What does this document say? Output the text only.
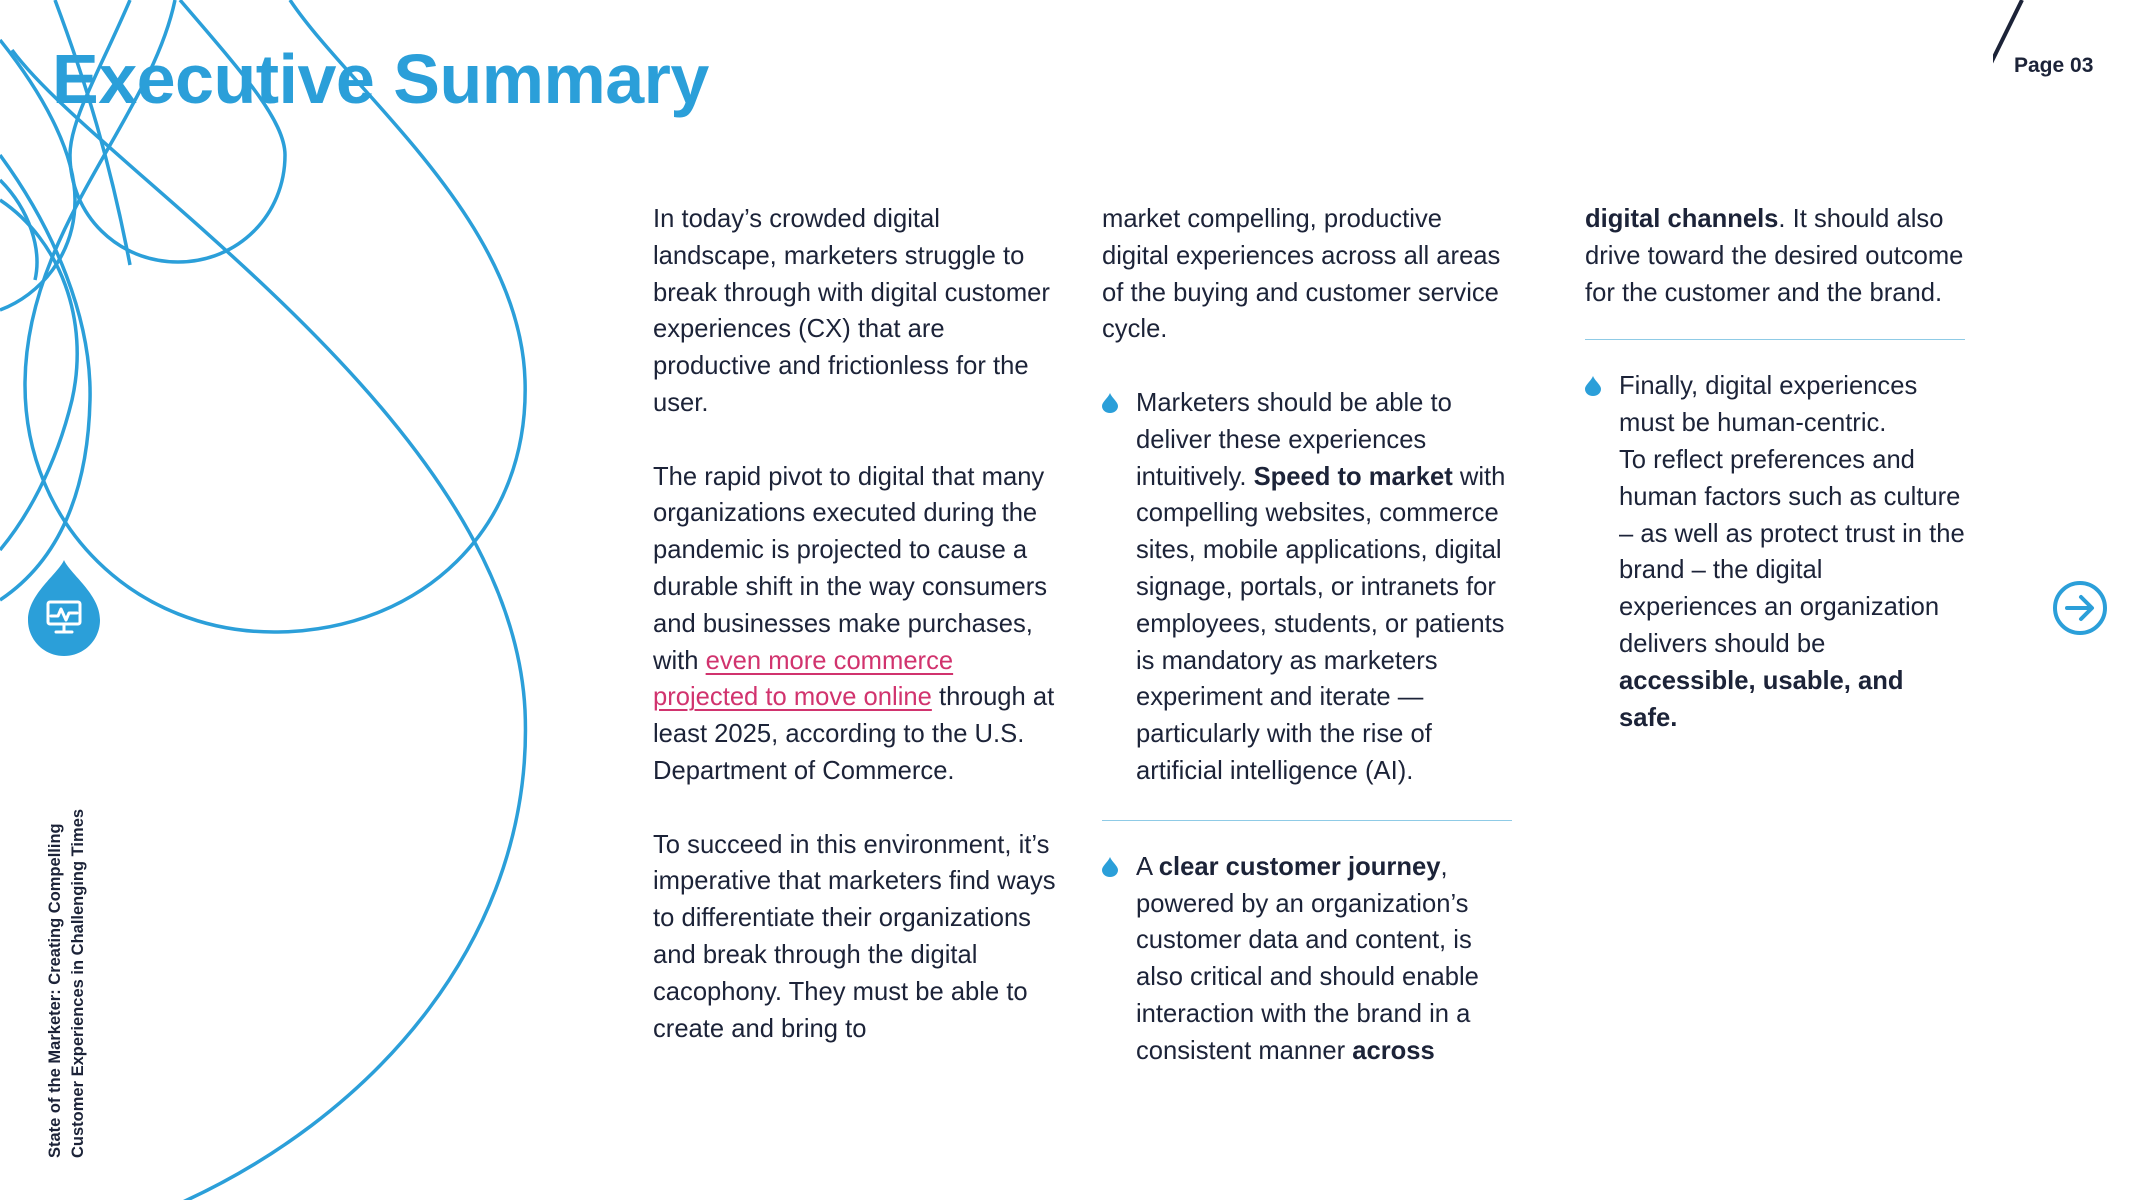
Executive Summary	Page 03

In today’s crowded digital landscape, marketers struggle to break through with digital customer experiences (CX) that are productive and frictionless for the user.

The rapid pivot to digital that many organizations executed during the pandemic is projected to cause a durable shift in the way consumers and businesses make purchases, with even more commerce projected to move online through at least 2025, according to the U.S. Department of Commerce.

To succeed in this environment, it’s imperative that marketers find ways to differentiate their organizations and break through the digital cacophony. They must be able to create and bring to

market compelling, productive digital experiences across all areas of the buying and customer service cycle.

Marketers should be able to deliver these experiences intuitively. Speed to market with compelling websites, commerce sites, mobile applications, digital signage, portals, or intranets for employees, students, or patients is mandatory as marketers experiment and iterate — particularly with the rise of artificial intelligence (AI).

A clear customer journey, powered by an organization’s customer data and content, is also critical and should enable interaction with the brand in a consistent manner across

digital channels. It should also drive toward the desired outcome for the customer and the brand.

Finally, digital experiences must be human-centric.

To reflect preferences and human factors such as culture – as well as protect trust in the brand – the digital experiences an organization delivers should be accessible, usable, and safe.

State of the Marketer: Creating Compelling Customer Experiences in Challenging Times
